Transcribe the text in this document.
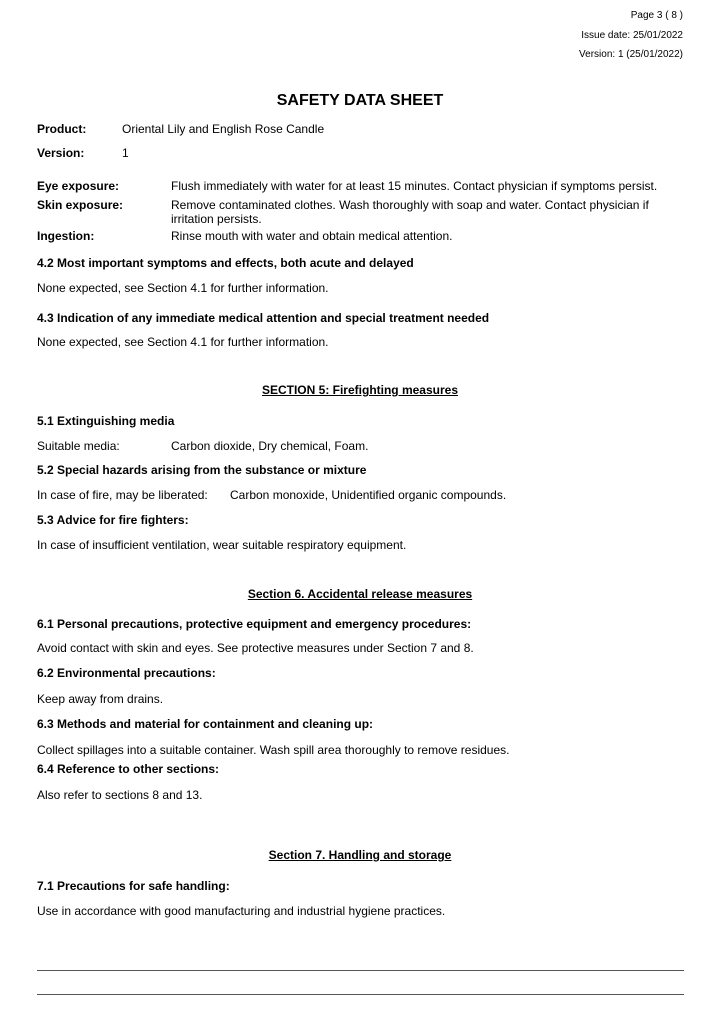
Page 3 ( 8 )
Issue date: 25/01/2022
Version: 1 (25/01/2022)
SAFETY DATA SHEET
Product:	Oriental Lily and English Rose Candle
Version:	1
Eye exposure:	Flush immediately with water for at least 15 minutes. Contact physician if symptoms persist.
Skin exposure:	Remove contaminated clothes. Wash thoroughly with soap and water. Contact physician if irritation persists.
Ingestion:	Rinse mouth with water and obtain medical attention.
4.2 Most important symptoms and effects, both acute and delayed
None expected, see Section 4.1 for further information.
4.3 Indication of any immediate medical attention and special treatment needed
None expected, see Section 4.1 for further information.
SECTION 5: Firefighting measures
5.1 Extinguishing media
Suitable media:	Carbon dioxide, Dry chemical, Foam.
5.2 Special hazards arising from the substance or mixture
In case of fire, may be liberated: Carbon monoxide, Unidentified organic compounds.
5.3 Advice for fire fighters:
In case of insufficient ventilation, wear suitable respiratory equipment.
Section 6. Accidental release measures
6.1 Personal precautions, protective equipment and emergency procedures:
Avoid contact with skin and eyes. See protective measures under Section 7 and 8.
6.2 Environmental precautions:
Keep away from drains.
6.3 Methods and material for containment and cleaning up:
Collect spillages into a suitable container. Wash spill area thoroughly to remove residues.
6.4 Reference to other sections:
Also refer to sections 8 and 13.
Section 7. Handling and storage
7.1 Precautions for safe handling:
Use in accordance with good manufacturing and industrial hygiene practices.
